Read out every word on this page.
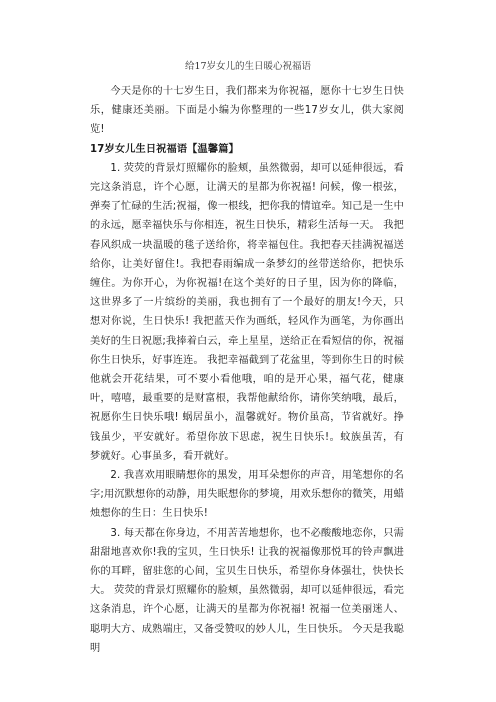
给17岁女儿的生日暖心祝福语

今天是你的十七岁生日，我们都来为你祝福，愿你十七岁生日快乐，健康还美丽。下面是小编为你整理的一些17岁女儿，供大家阅览!

17岁女儿生日祝福语【温馨篇】

1. 荧荧的背景灯照耀你的脸颊，虽然微弱，却可以延伸很远，看完这条消息，许个心愿，让满天的星都为你祝福! 问候，像一根弦，弹奏了忙碌的生活;祝福，像一根线，把你我的情谊牵。知己是一生中的永远，愿幸福快乐与你相连，祝生日快乐，精彩生活每一天。 我把春风织成一块温暖的毯子送给你，将幸福包住。我把春天挂满祝福送给你，让美好留住!。我把春雨编成一条梦幻的丝带送给你，把快乐缠住。为你开心，为你祝福!在这个美好的日子里，因为你的降临，这世界多了一片缤纷的美丽，我也拥有了一个最好的朋友!今天，只想对你说，生日快乐! 我把蓝天作为画纸，轻风作为画笔，为你画出美好的生日祝愿;我捧着白云，牵上星星，送给正在看短信的你，祝福你生日快乐，好事连连。 我把幸福截到了花盆里，等到你生日的时候他就会开花结果，可不要小看他哦，咱的是开心果，福气花，健康叶，嘻嘻，最重要的是财富根，我帮他献给你，请你笑纳哦，最后，祝愿你生日快乐哦! 蜗居虽小，温馨就好。物价虽高，节省就好。挣钱虽少，平安就好。希望你放下思虑，祝生日快乐!。蚊族虽苦，有梦就好。心事虽多，看开就好。

2. 我喜欢用眼睛想你的黑发，用耳朵想你的声音，用笔想你的名字;用沉默想你的动静，用失眠想你的梦境，用欢乐想你的微笑，用蜡烛想你的生日：生日快乐!

3. 每天都在你身边，不用苦苦地想你，也不必酸酸地恋你，只需甜甜地喜欢你!我的宝贝，生日快乐! 让我的祝福像那悦耳的铃声飘进你的耳畔，留驻您的心间，宝贝生日快乐，希望你身体强壮，快快长大。 荧荧的背景灯照耀你的脸颊，虽然微弱，却可以延伸很远，看完这条消息，许个心愿，让满天的星都为你祝福! 祝福一位美丽迷人、聪明大方、成熟端庄，又备受赞叹的妙人儿，生日快乐。 今天是我聪明
